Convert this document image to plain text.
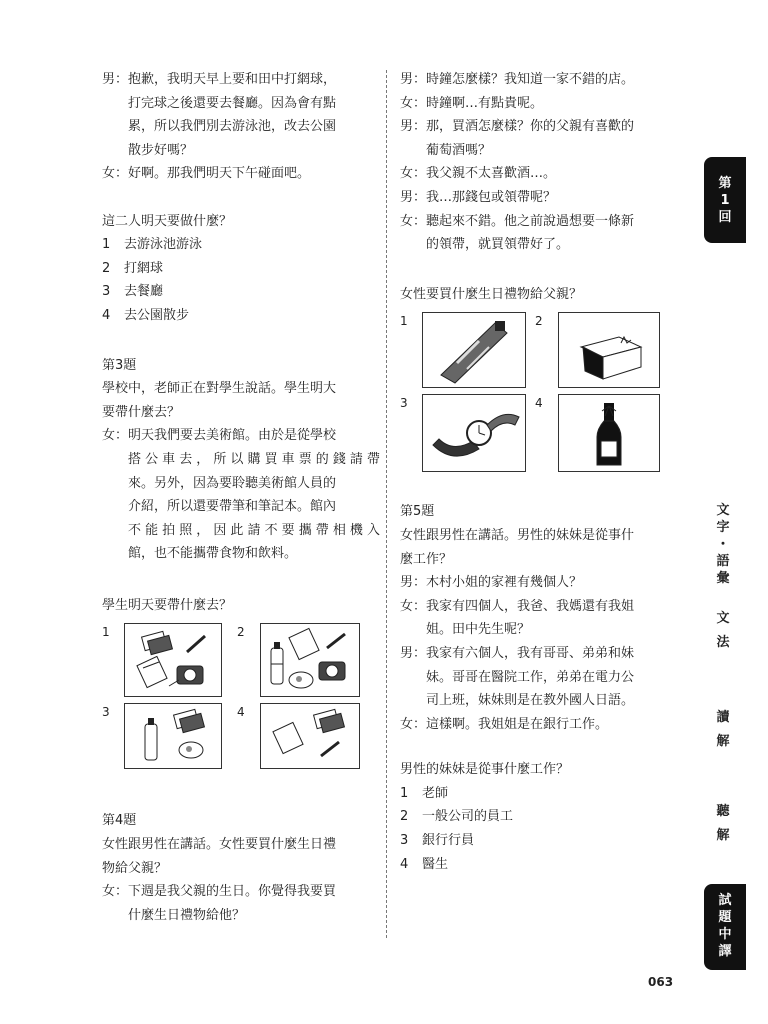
男： 抱歉，我明天早上要和田中打網球，
打完球之後還要去餐廳。因為會有點
累，所以我們別去游泳池，改去公園
散步好嗎？
女： 好啊。那我們明天下午碰面吧。

這二人明天要做什麼？

1	去游泳池游泳
2	打網球
3	去餐廳
4	去公園散步

第3題

學校中，老師正在對學生說話。學生明大

要帶什麼去？

女： 明天我們要去美術館。由於是從學校
搭公車去，所以購買車票的錢請帶
來。另外，因為要聆聽美術館人員的
介紹，所以還要帶筆和筆記本。館內
不能拍照，因此請不要攜帶相機入
館，也不能攜帶食物和飲料。

學生明天要帶什麼去？

1	2
3	4

第4題

女性跟男性在講話。女性要買什麼生日禮

物給父親？

女： 下週是我父親的生日。你覺得我要買
什麼生日禮物給他？
男： 時鐘怎麼樣？我知道一家不錯的店。
女： 時鐘啊…有點貴呢。
男： 那，買酒怎麼樣？你的父親有喜歡的
葡萄酒嗎？
女： 我父親不太喜歡酒…。
男： 我…那錢包或領帶呢？
女： 聽起來不錯。他之前說過想要一條新
的領帶，就買領帶好了。

女性要買什麼生日禮物給父親？

1	2
3	4

第5題

女性跟男性在講話。男性的妹妹是從事什

麼工作？

男： 木村小姐的家裡有幾個人？
女： 我家有四個人，我爸、我媽還有我姐
姐。田中先生呢？
男： 我家有六個人，我有哥哥、弟弟和妹
妹。哥哥在醫院工作，弟弟在電力公
司上班，妹妹則是在教外國人日語。
女： 這樣啊。我姐姐是在銀行工作。

男性的妹妹是從事什麼工作？

1	老師
2	一般公司的員工
3	銀行行員
4	醫生
第
1
回
文
字
・
語
彙
文
法
讀
解
聽
解
試
題
中
譯
063
